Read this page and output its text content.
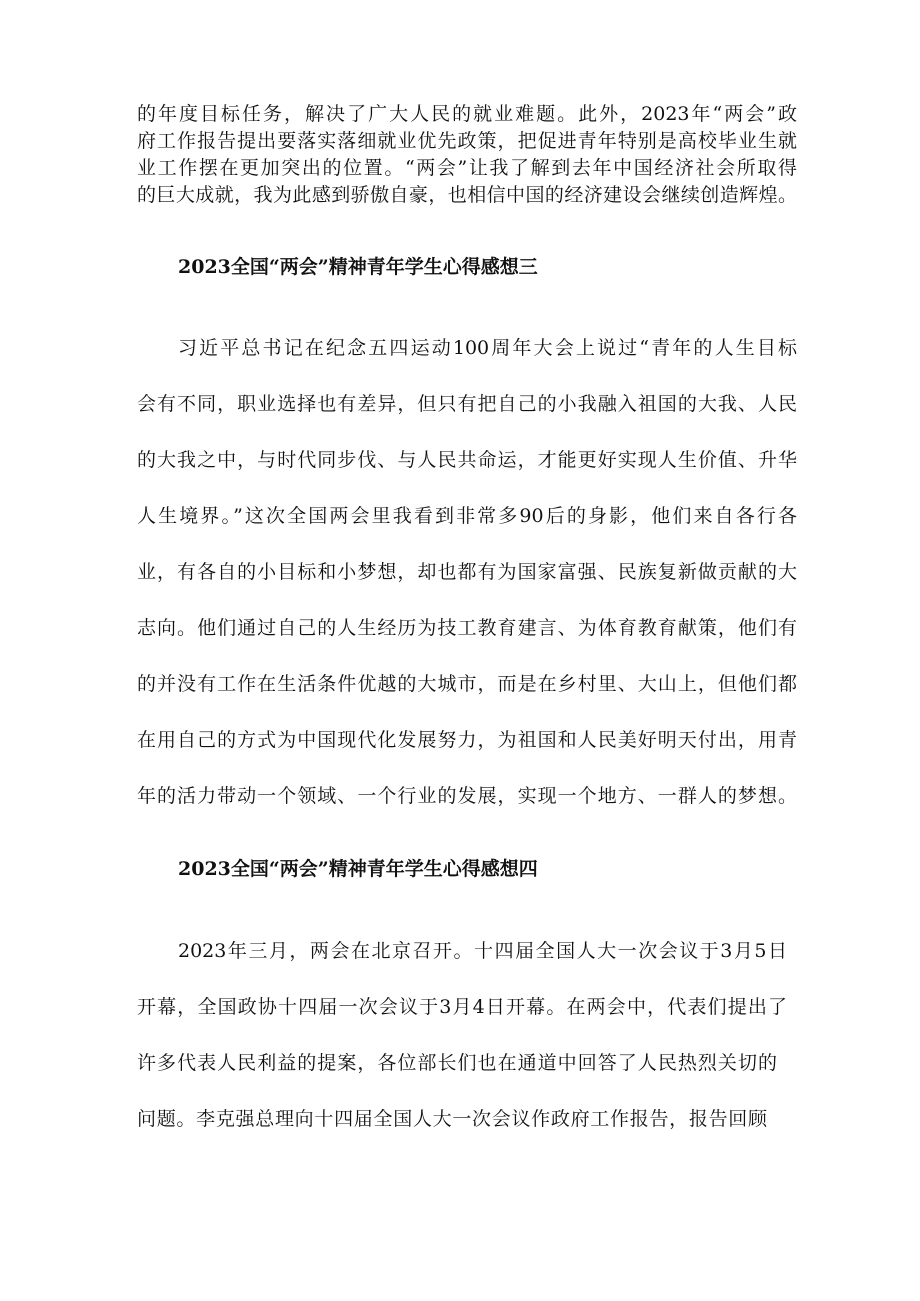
的年度目标任务，解决了广大人民的就业难题。此外，2023年“两会”政
府工作报告提出要落实落细就业优先政策，把促进青年特别是高校毕业生就
业工作摆在更加突出的位置。“两会”让我了解到去年中国经济社会所取得
的巨大成就，我为此感到骄傲自豪，也相信中国的经济建设会继续创造辉煌。
2023全国“两会”精神青年学生心得感想三
习近平总书记在纪念五四运动100周年大会上说过“青年的人生目标
会有不同，职业选择也有差异，但只有把自己的小我融入祖国的大我、人民
的大我之中，与时代同步伐、与人民共命运，才能更好实现人生价值、升华
人生境界。”这次全国两会里我看到非常多90后的身影，他们来自各行各
业，有各自的小目标和小梦想，却也都有为国家富强、民族复新做贡献的大
志向。他们通过自己的人生经历为技工教育建言、为体育教育献策，他们有
的并没有工作在生活条件优越的大城市，而是在乡村里、大山上，但他们都
在用自己的方式为中国现代化发展努力，为祖国和人民美好明天付出，用青
年的活力带动一个领域、一个行业的发展，实现一个地方、一群人的梦想。
2023全国“两会”精神青年学生心得感想四
2023年三月，两会在北京召开。十四届全国人大一次会议于3月5日
开幕，全国政协十四届一次会议于3月4日开幕。在两会中，代表们提出了
许多代表人民利益的提案，各位部长们也在通道中回答了人民热烈关切的
问题。李克强总理向十四届全国人大一次会议作政府工作报告，报告回顾
